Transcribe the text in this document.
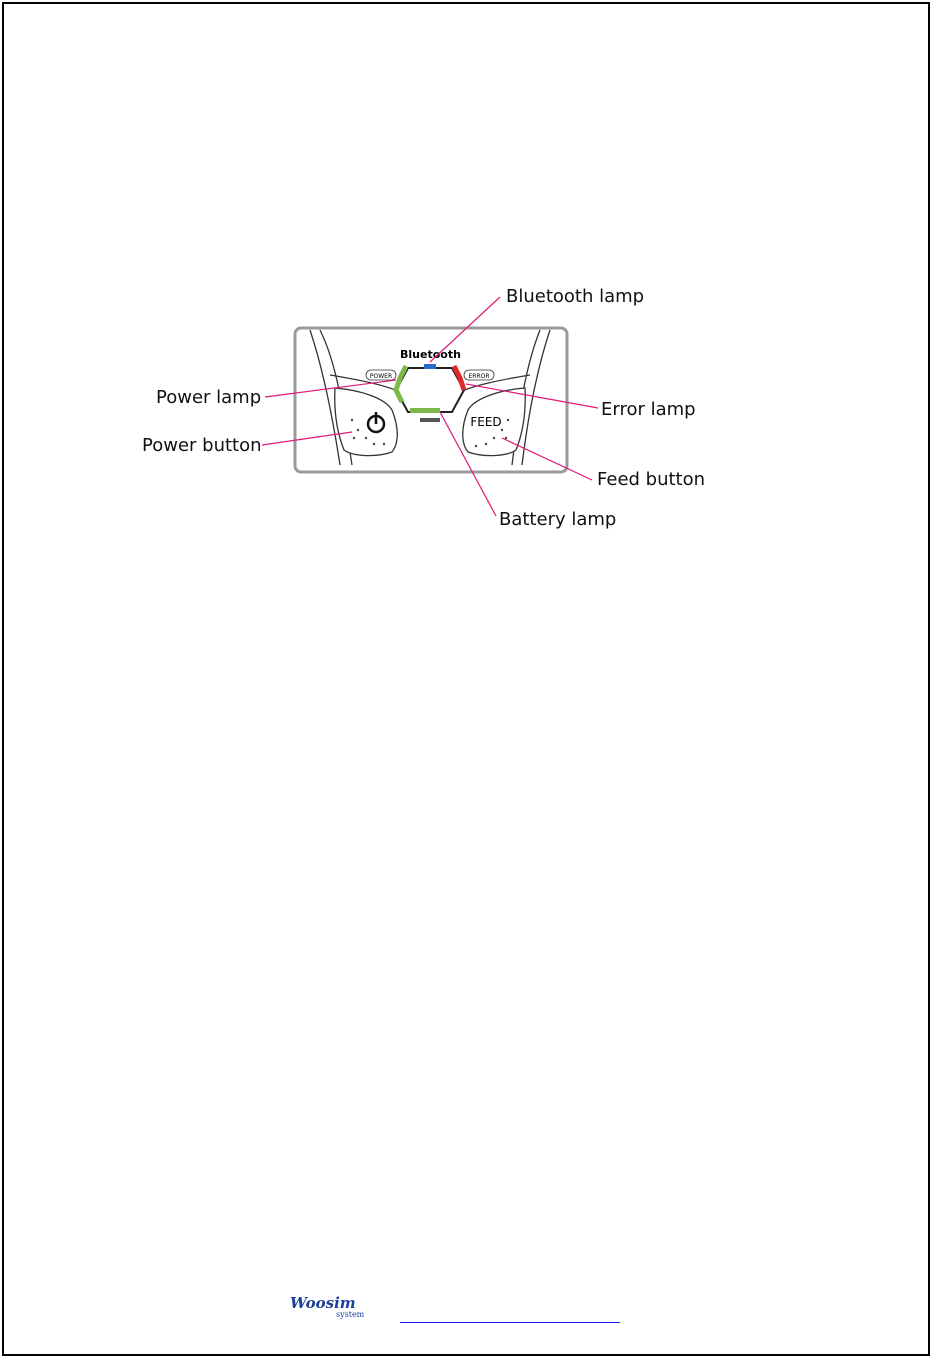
POWER	ERROR
Bluetooth
FEED
Bluetooth lamp
Power lamp
Error lamp
Power button
Feed button
Battery lamp
Woosim
system
